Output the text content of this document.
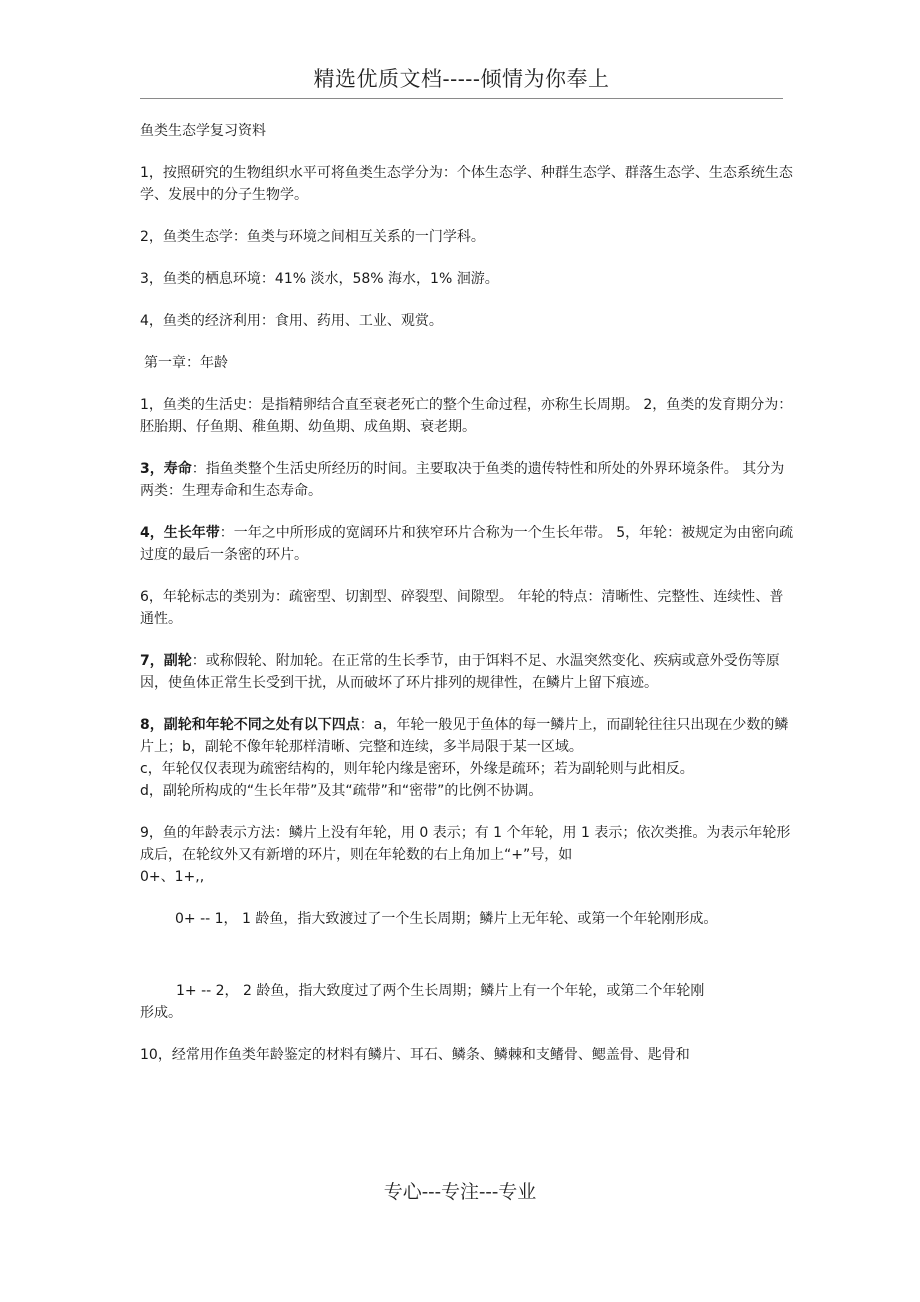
精选优质文档-----倾情为你奉上

鱼类生态学复习资料

1，按照研究的生物组织水平可将鱼类生态学分为：个体生态学、种群生态学、群落生态学、生态系统生态学、发展中的分子生物学。

2，鱼类生态学：鱼类与环境之间相互关系的一门学科。

3，鱼类的栖息环境：41% 淡水，58% 海水，1% 洄游。

4，鱼类的经济利用：食用、药用、工业、观赏。

第一章：年龄

1，鱼类的生活史：是指精卵结合直至衰老死亡的整个生命过程，亦称生长周期。 2，鱼类的发育期分为：胚胎期、仔鱼期、稚鱼期、幼鱼期、成鱼期、衰老期。

3，寿命：指鱼类整个生活史所经历的时间。主要取决于鱼类的遗传特性和所处的外界环境条件。 其分为两类：生理寿命和生态寿命。

4，生长年带：一年之中所形成的宽阔环片和狭窄环片合称为一个生长年带。 5，年轮：被规定为由密向疏过度的最后一条密的环片。

6，年轮标志的类别为：疏密型、切割型、碎裂型、间隙型。 年轮的特点：清晰性、完整性、连续性、普通性。

7，副轮：或称假轮、附加轮。在正常的生长季节，由于饵料不足、水温突然变化、疾病或意外受伤等原因，使鱼体正常生长受到干扰，从而破坏了环片排列的规律性，在鳞片上留下痕迹。

8，副轮和年轮不同之处有以下四点：a，年轮一般见于鱼体的每一鳞片上，而副轮往往只出现在少数的鳞片上；b，副轮不像年轮那样清晰、完整和连续，多半局限于某一区域。

c，年轮仅仅表现为疏密结构的，则年轮内缘是密环，外缘是疏环；若为副轮则与此相反。

d，副轮所构成的“生长年带”及其“疏带”和“密带”的比例不协调。

9，鱼的年龄表示方法：鳞片上没有年轮，用 0 表示；有 1 个年轮，用 1 表示；依次类推。为表示年轮形成后，在轮纹外又有新增的环片，则在年轮数的右上角加上“+”号，如

0+、1+,,

0+ -- 1， 1 龄鱼，指大致渡过了一个生长周期；鳞片上无年轮、或第一个年轮刚形成。

1+ -- 2， 2 龄鱼，指大致度过了两个生长周期；鳞片上有一个年轮，或第二个年轮刚

形成。

10，经常用作鱼类年龄鉴定的材料有鳞片、耳石、鳞条、鳞棘和支鳍骨、鳃盖骨、匙骨和

专心---专注---专业
